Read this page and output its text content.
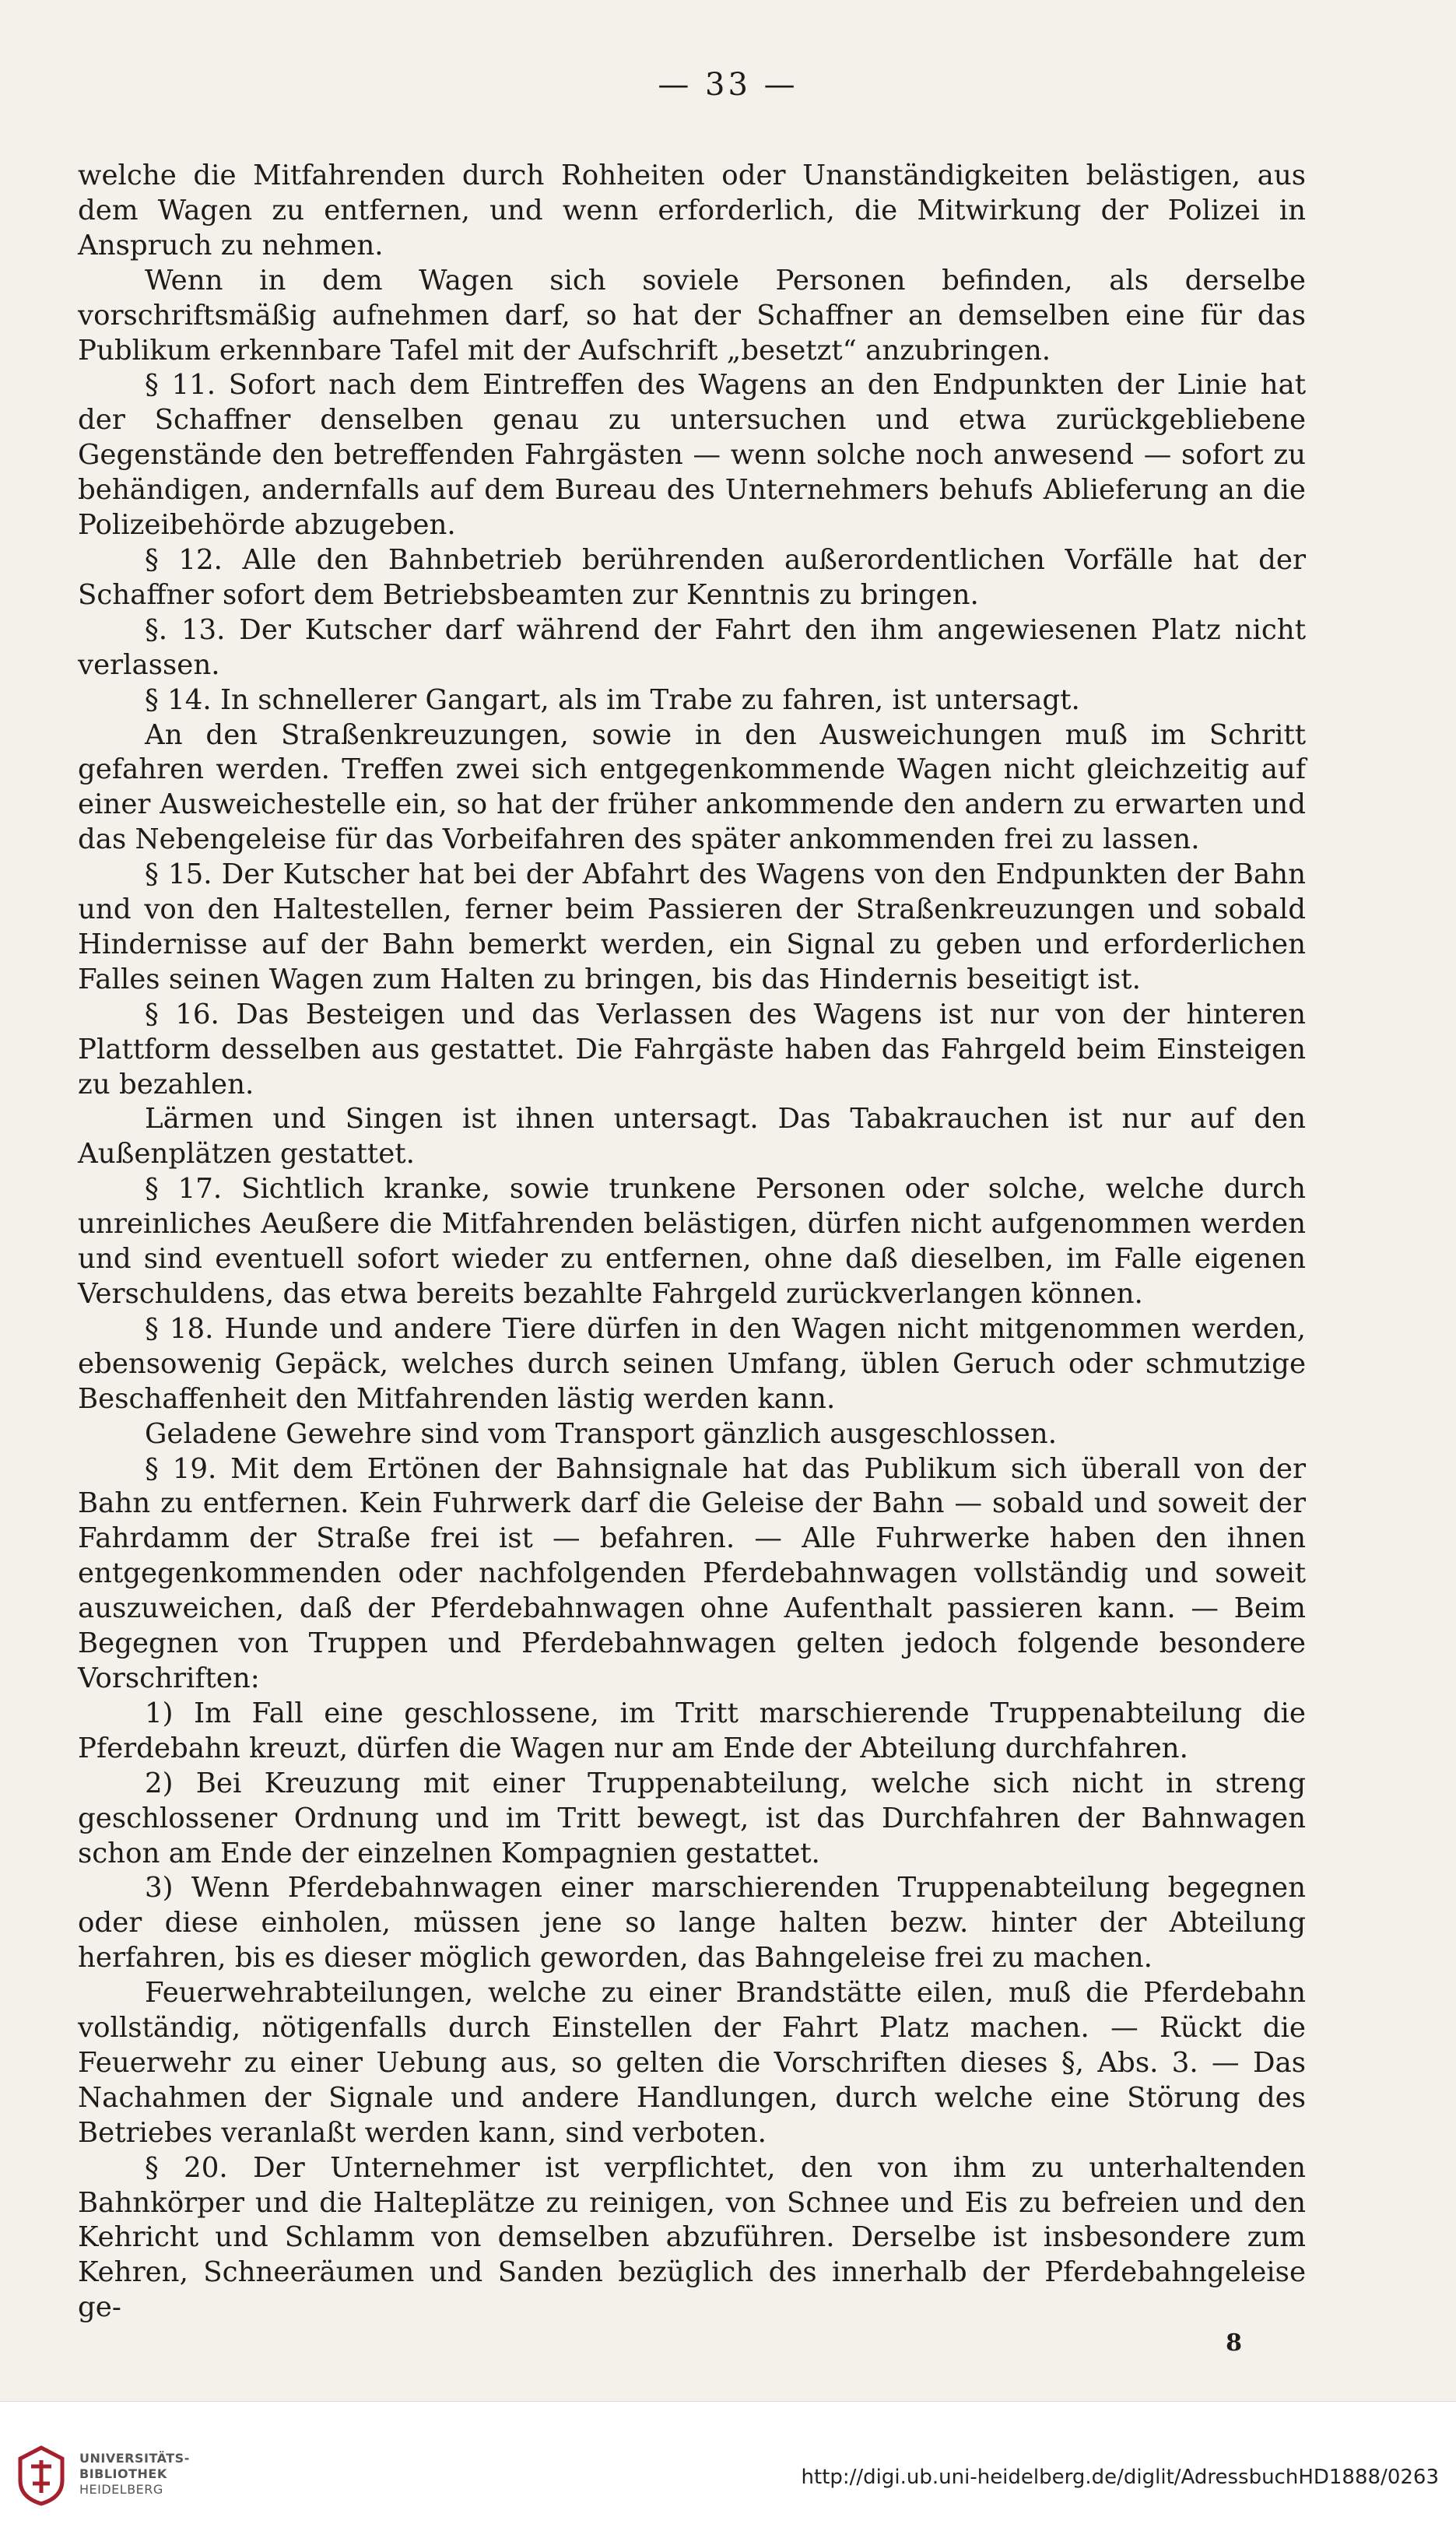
— 33 —

welche die Mitfahrenden durch Rohheiten oder Unanständigkeiten belästigen, aus dem Wagen zu entfernen, und wenn erforderlich, die Mitwirkung der Polizei in Anspruch zu nehmen.

Wenn in dem Wagen sich soviele Personen befinden, als derselbe vorschriftsmäßig aufnehmen darf, so hat der Schaffner an demselben eine für das Publikum erkennbare Tafel mit der Aufschrift „besetzt“ anzubringen.

§ 11. Sofort nach dem Eintreffen des Wagens an den Endpunkten der Linie hat der Schaffner denselben genau zu untersuchen und etwa zurückgebliebene Gegenstände den betreffenden Fahrgästen — wenn solche noch anwesend — sofort zu behändigen, andernfalls auf dem Bureau des Unternehmers behufs Ablieferung an die Polizeibehörde abzugeben.

§ 12. Alle den Bahnbetrieb berührenden außerordentlichen Vorfälle hat der Schaffner sofort dem Betriebsbeamten zur Kenntnis zu bringen.

§. 13. Der Kutscher darf während der Fahrt den ihm angewiesenen Platz nicht verlassen.

§ 14. In schnellerer Gangart, als im Trabe zu fahren, ist untersagt.

An den Straßenkreuzungen, sowie in den Ausweichungen muß im Schritt gefahren werden. Treffen zwei sich entgegenkommende Wagen nicht gleichzeitig auf einer Ausweichestelle ein, so hat der früher ankommende den andern zu erwarten und das Nebengeleise für das Vorbeifahren des später ankommenden frei zu lassen.

§ 15. Der Kutscher hat bei der Abfahrt des Wagens von den Endpunkten der Bahn und von den Haltestellen, ferner beim Passieren der Straßenkreuzungen und sobald Hindernisse auf der Bahn bemerkt werden, ein Signal zu geben und erforderlichen Falles seinen Wagen zum Halten zu bringen, bis das Hindernis beseitigt ist.

§ 16. Das Besteigen und das Verlassen des Wagens ist nur von der hinteren Plattform desselben aus gestattet. Die Fahrgäste haben das Fahrgeld beim Einsteigen zu bezahlen.

Lärmen und Singen ist ihnen untersagt. Das Tabakrauchen ist nur auf den Außenplätzen gestattet.

§ 17. Sichtlich kranke, sowie trunkene Personen oder solche, welche durch unreinliches Aeußere die Mitfahrenden belästigen, dürfen nicht aufgenommen werden und sind eventuell sofort wieder zu entfernen, ohne daß dieselben, im Falle eigenen Verschuldens, das etwa bereits bezahlte Fahrgeld zurückverlangen können.

§ 18. Hunde und andere Tiere dürfen in den Wagen nicht mitgenommen werden, ebensowenig Gepäck, welches durch seinen Umfang, üblen Geruch oder schmutzige Beschaffenheit den Mitfahrenden lästig werden kann.

Geladene Gewehre sind vom Transport gänzlich ausgeschlossen.

§ 19. Mit dem Ertönen der Bahnsignale hat das Publikum sich überall von der Bahn zu entfernen. Kein Fuhrwerk darf die Geleise der Bahn — sobald und soweit der Fahrdamm der Straße frei ist — befahren. — Alle Fuhrwerke haben den ihnen entgegenkommenden oder nachfolgenden Pferdebahnwagen vollständig und soweit auszuweichen, daß der Pferdebahnwagen ohne Aufenthalt passieren kann. — Beim Begegnen von Truppen und Pferdebahnwagen gelten jedoch folgende besondere Vorschriften:

1) Im Fall eine geschlossene, im Tritt marschierende Truppenabteilung die Pferdebahn kreuzt, dürfen die Wagen nur am Ende der Abteilung durchfahren.

2) Bei Kreuzung mit einer Truppenabteilung, welche sich nicht in streng geschlossener Ordnung und im Tritt bewegt, ist das Durchfahren der Bahnwagen schon am Ende der einzelnen Kompagnien gestattet.

3) Wenn Pferdebahnwagen einer marschierenden Truppenabteilung begegnen oder diese einholen, müssen jene so lange halten bezw. hinter der Abteilung herfahren, bis es dieser möglich geworden, das Bahngeleise frei zu machen.

Feuerwehrabteilungen, welche zu einer Brandstätte eilen, muß die Pferdebahn vollständig, nötigenfalls durch Einstellen der Fahrt Platz machen. — Rückt die Feuerwehr zu einer Uebung aus, so gelten die Vorschriften dieses §, Abs. 3. — Das Nachahmen der Signale und andere Handlungen, durch welche eine Störung des Betriebes veranlaßt werden kann, sind verboten.

§ 20. Der Unternehmer ist verpflichtet, den von ihm zu unterhaltenden Bahnkörper und die Halteplätze zu reinigen, von Schnee und Eis zu befreien und den Kehricht und Schlamm von demselben abzuführen. Derselbe ist insbesondere zum Kehren, Schneeräumen und Sanden bezüglich des innerhalb der Pferdebahngeleise ge-

8
UNIVERSITÄTS-
BIBLIOTHEK
HEIDELBERG
http://digi.ub.uni-heidelberg.de/diglit/AdressbuchHD1888/0263
